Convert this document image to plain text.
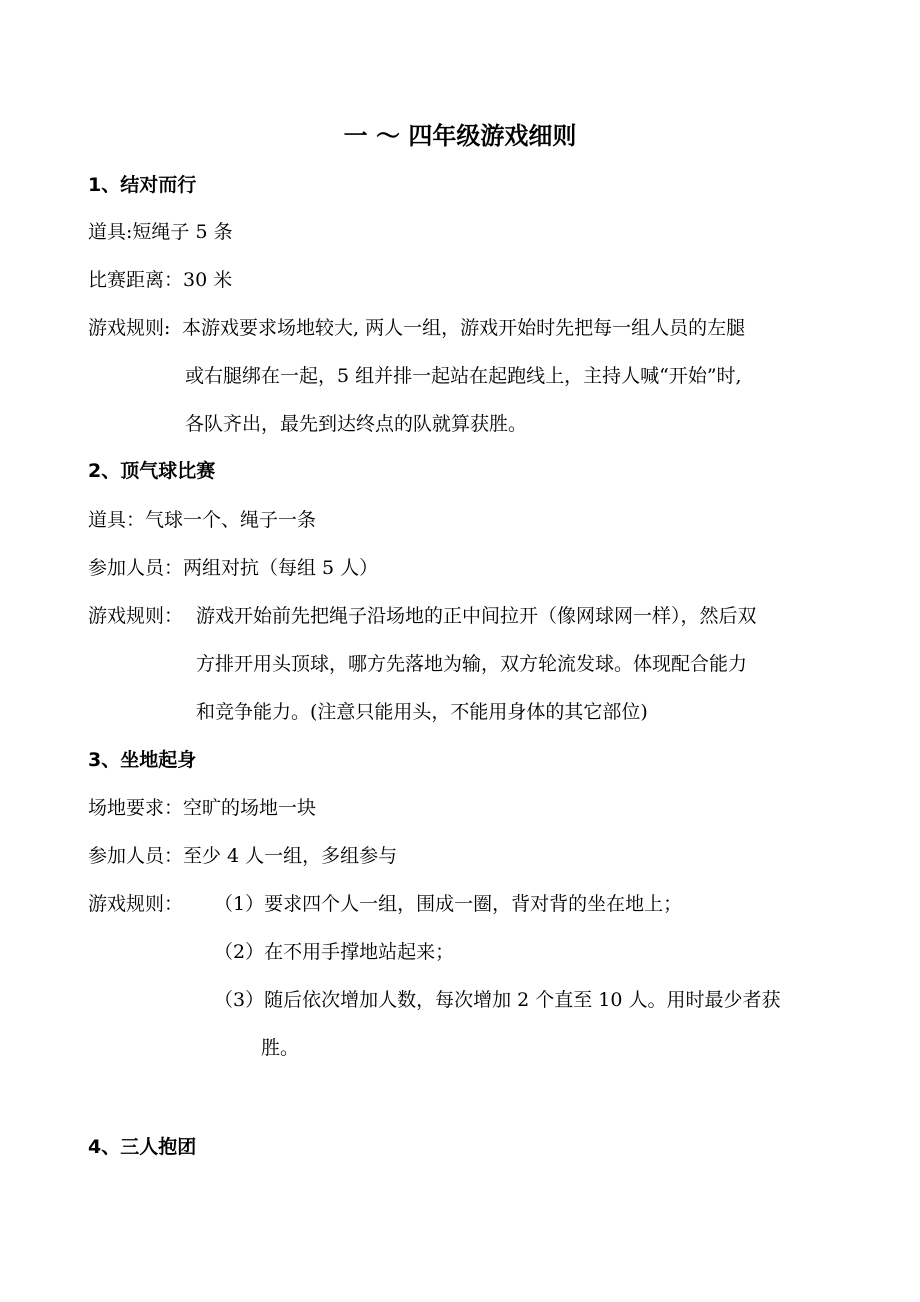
一 ～ 四年级游戏细则
1、结对而行
道具:短绳子 5 条
比赛距离：30 米
游戏规则: 本游戏要求场地较大, 两人一组，游戏开始时先把每一组人员的左腿
或右腿绑在一起，5 组并排一起站在起跑线上，主持人喊“开始”时,
各队齐出，最先到达终点的队就算获胜。
2、顶气球比赛
道具：气球一个、绳子一条
参加人员：两组对抗（每组 5 人）
游戏规则： 游戏开始前先把绳子沿场地的正中间拉开（像网球网一样），然后双
方排开用头顶球，哪方先落地为输，双方轮流发球。体现配合能力
和竞争能力。(注意只能用头，不能用身体的其它部位)
3、坐地起身
场地要求：空旷的场地一块
参加人员：至少 4 人一组，多组参与
游戏规则： （1）要求四个人一组，围成一圈，背对背的坐在地上；
（2）在不用手撑地站起来；
（3）随后依次增加人数，每次增加 2 个直至 10 人。用时最少者获
胜。
4、三人抱团
